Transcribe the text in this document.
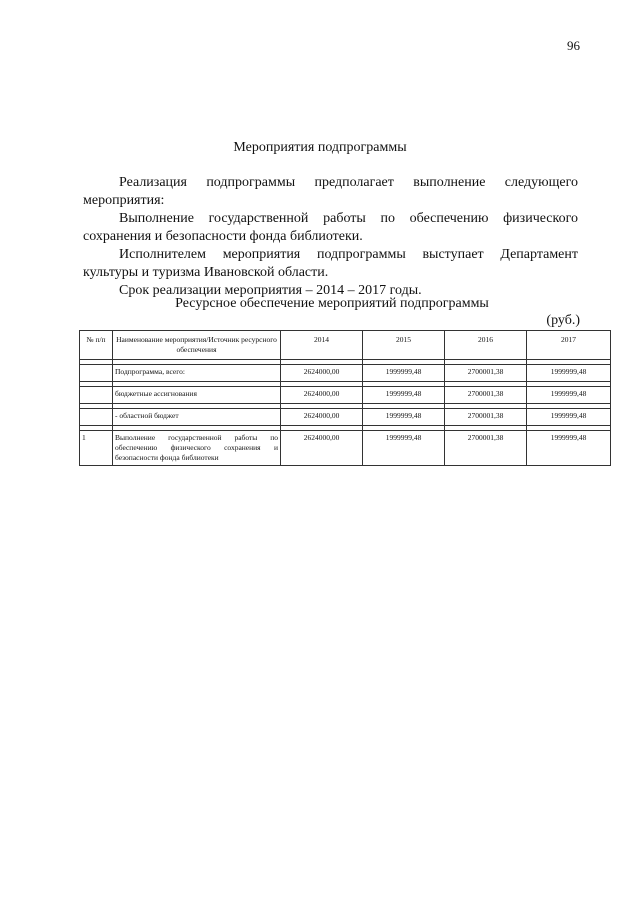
96
Мероприятия подпрограммы

Реализация подпрограммы предполагает выполнение следующего мероприятия:

Выполнение государственной работы по обеспечению физического сохранения и безопасности фонда библиотеки.

Исполнителем мероприятия подпрограммы выступает Департамент культуры и туризма Ивановской области.

Срок реализации мероприятия – 2014 – 2017 годы.

Ресурсное обеспечение мероприятий подпрограммы
(руб.)
№ п/п	Наименование мероприятия/Источник ресурсного обеспечения	2014	2015	2016	2017

	Подпрограмма, всего:	2624000,00	1999999,48	2700001,38	1999999,48

	бюджетные ассигнования	2624000,00	1999999,48	2700001,38	1999999,48

	- областной бюджет	2624000,00	1999999,48	2700001,38	1999999,48

1	Выполнение государственной работы по обеспечению физического сохранения и безопасности фонда библиотеки	2624000,00	1999999,48	2700001,38	1999999,48
